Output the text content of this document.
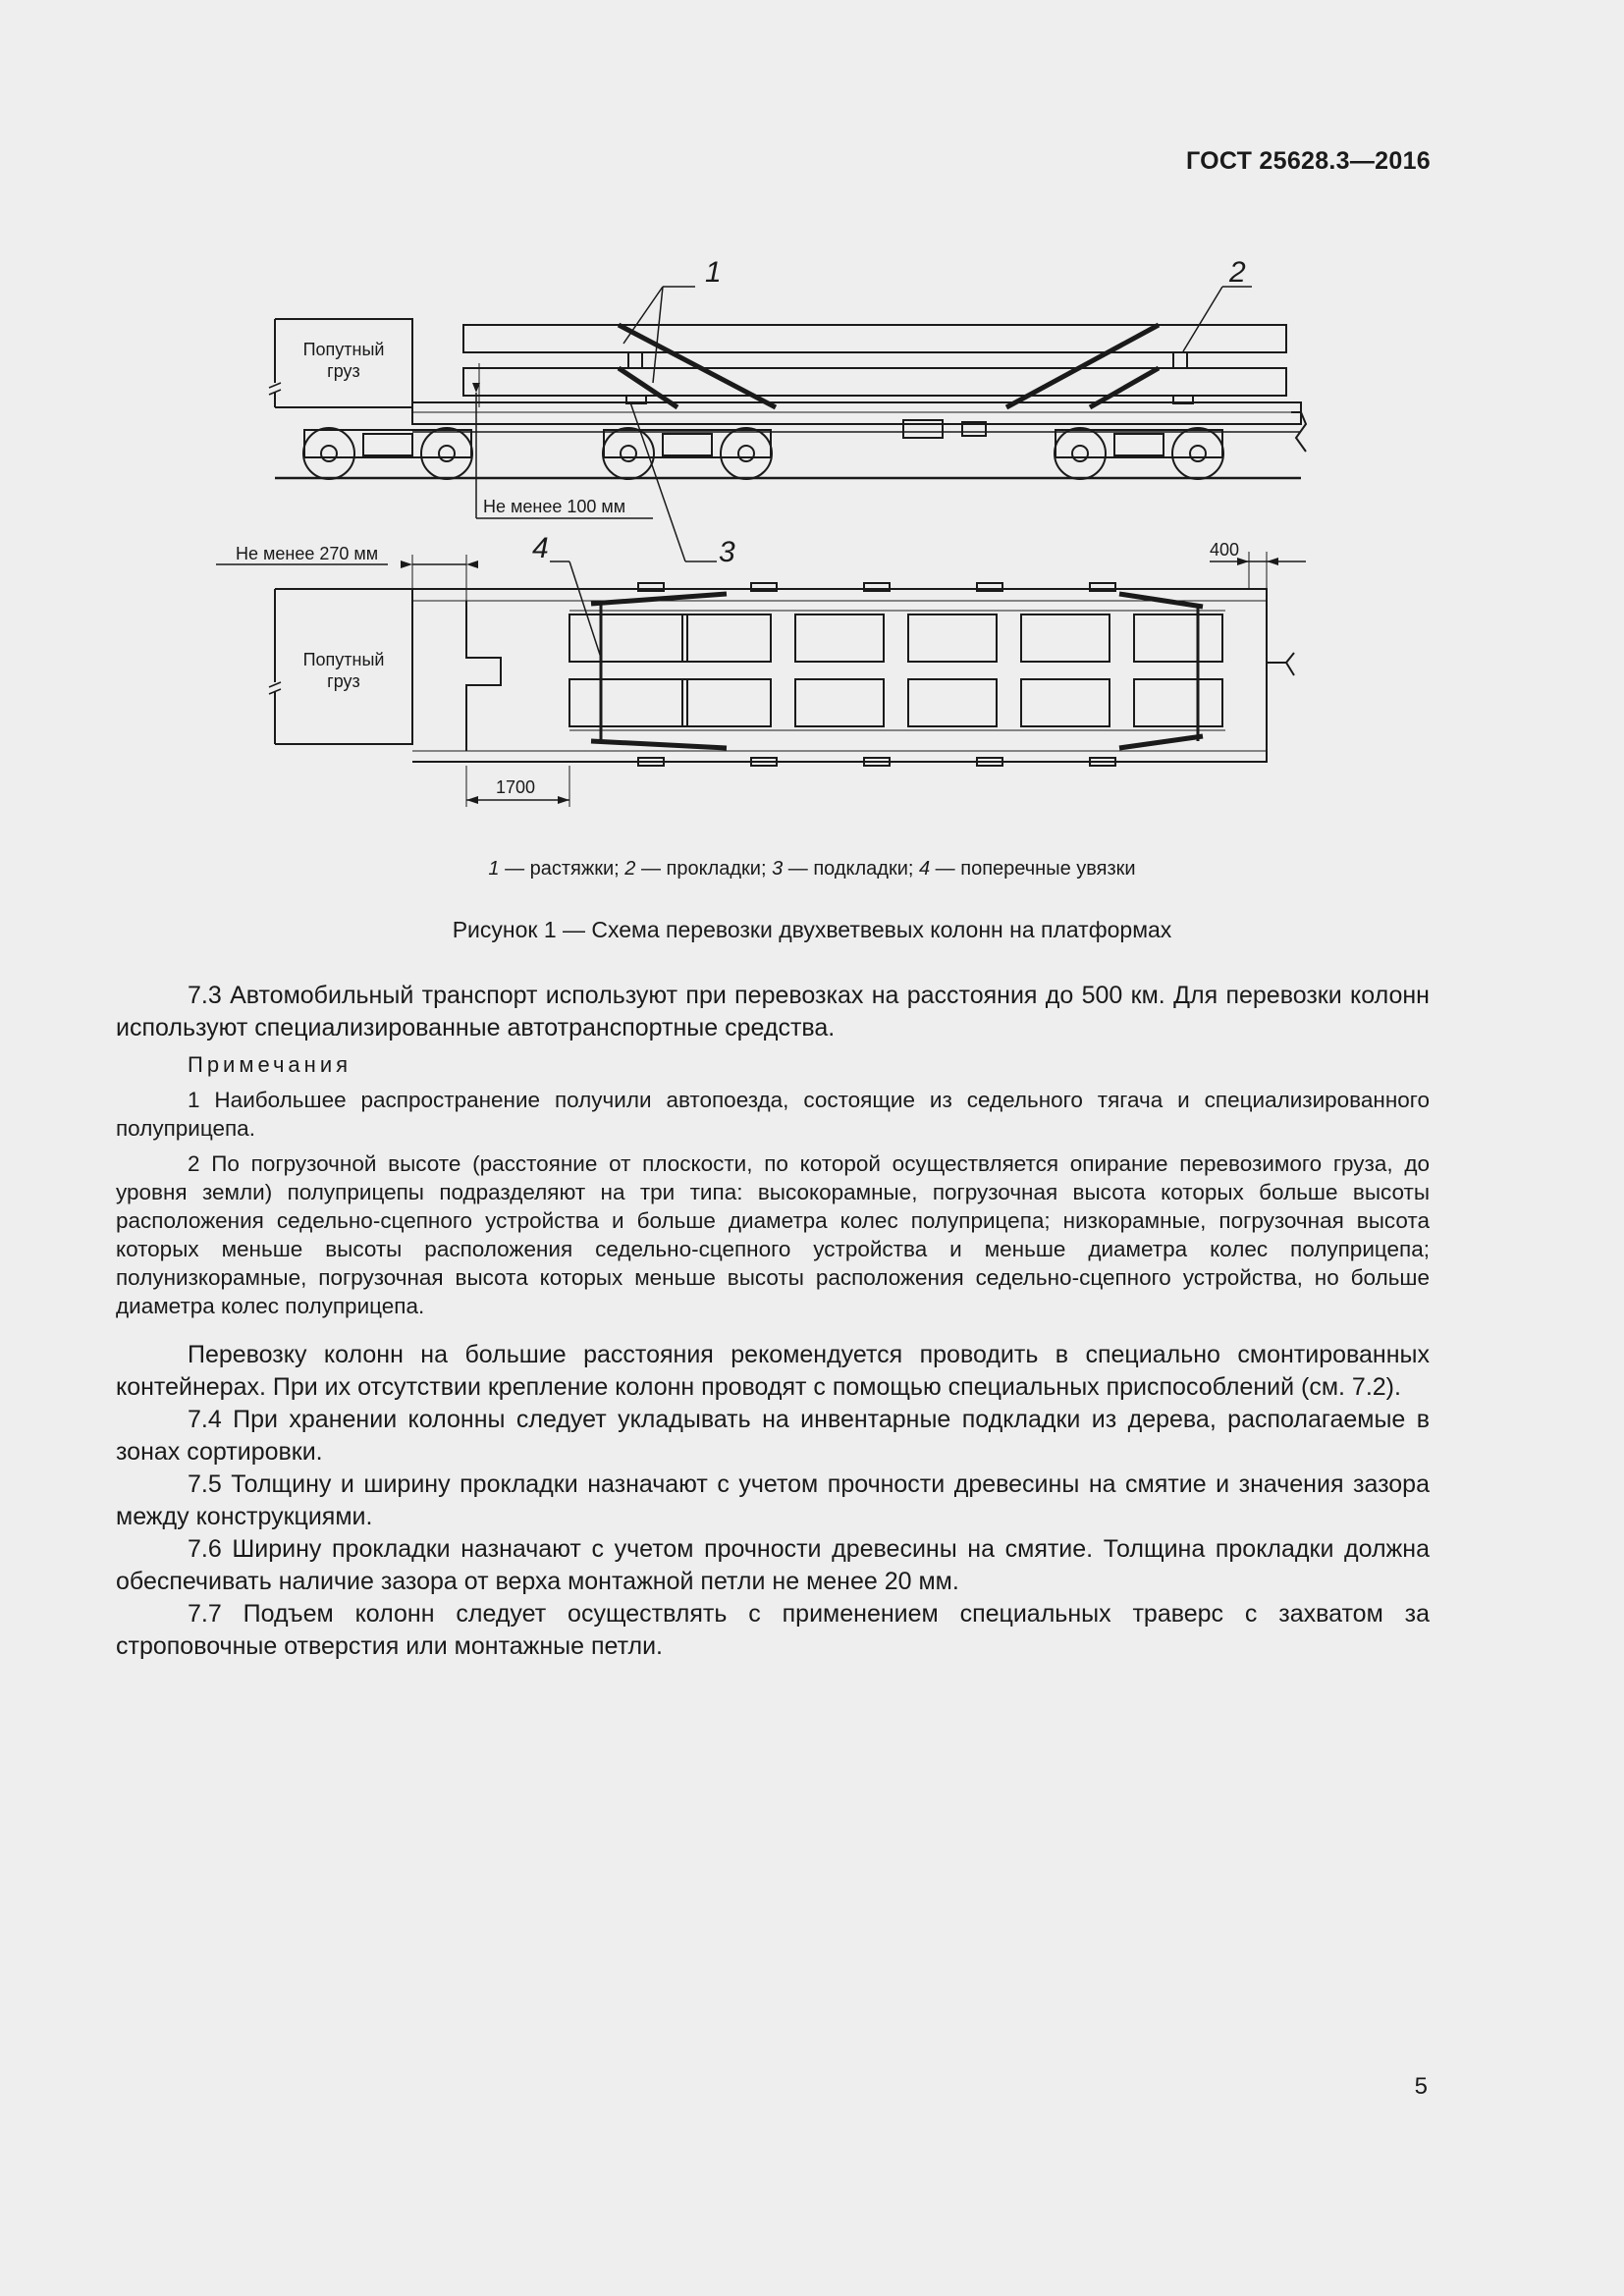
ГОСТ 25628.3—2016
Попутный
груз
Не менее 100 мм
1	2
3
Попутный
груз
Не менее 270 мм	400
1700
4
1 — растяжки; 2 — прокладки; 3 — подкладки; 4 — поперечные увязки
Рисунок 1 — Схема перевозки двухветвевых колонн на платформах

7.3 Автомобильный транспорт используют при перевозках на расстояния до 500 км. Для перевозки колонн используют специализированные автотранспортные средства.

Примечания

1 Наибольшее распространение получили автопоезда, состоящие из седельного тягача и специализированного полуприцепа.

2 По погрузочной высоте (расстояние от плоскости, по которой осуществляется опирание перевозимого груза, до уровня земли) полуприцепы подразделяют на три типа: высокорамные, погрузочная высота которых больше высоты расположения седельно-сцепного устройства и больше диаметра колес полуприцепа; низкорамные, погрузочная высота которых меньше высоты расположения седельно-сцепного устройства и меньше диаметра колес полуприцепа; полунизкорамные, погрузочная высота которых меньше высоты расположения седельно-сцепного устройства, но больше диаметра колес полуприцепа.

Перевозку колонн на большие расстояния рекомендуется проводить в специально смонтированных контейнерах. При их отсутствии крепление колонн проводят с помощью специальных приспособлений (см. 7.2).

7.4 При хранении колонны следует укладывать на инвентарные подкладки из дерева, располагаемые в зонах сортировки.

7.5 Толщину и ширину прокладки назначают с учетом прочности древесины на смятие и значения зазора между конструкциями.

7.6 Ширину прокладки назначают с учетом прочности древесины на смятие. Толщина прокладки должна обеспечивать наличие зазора от верха монтажной петли не менее 20 мм.

7.7 Подъем колонн следует осуществлять с применением специальных траверс с захватом за строповочные отверстия или монтажные петли.

5
